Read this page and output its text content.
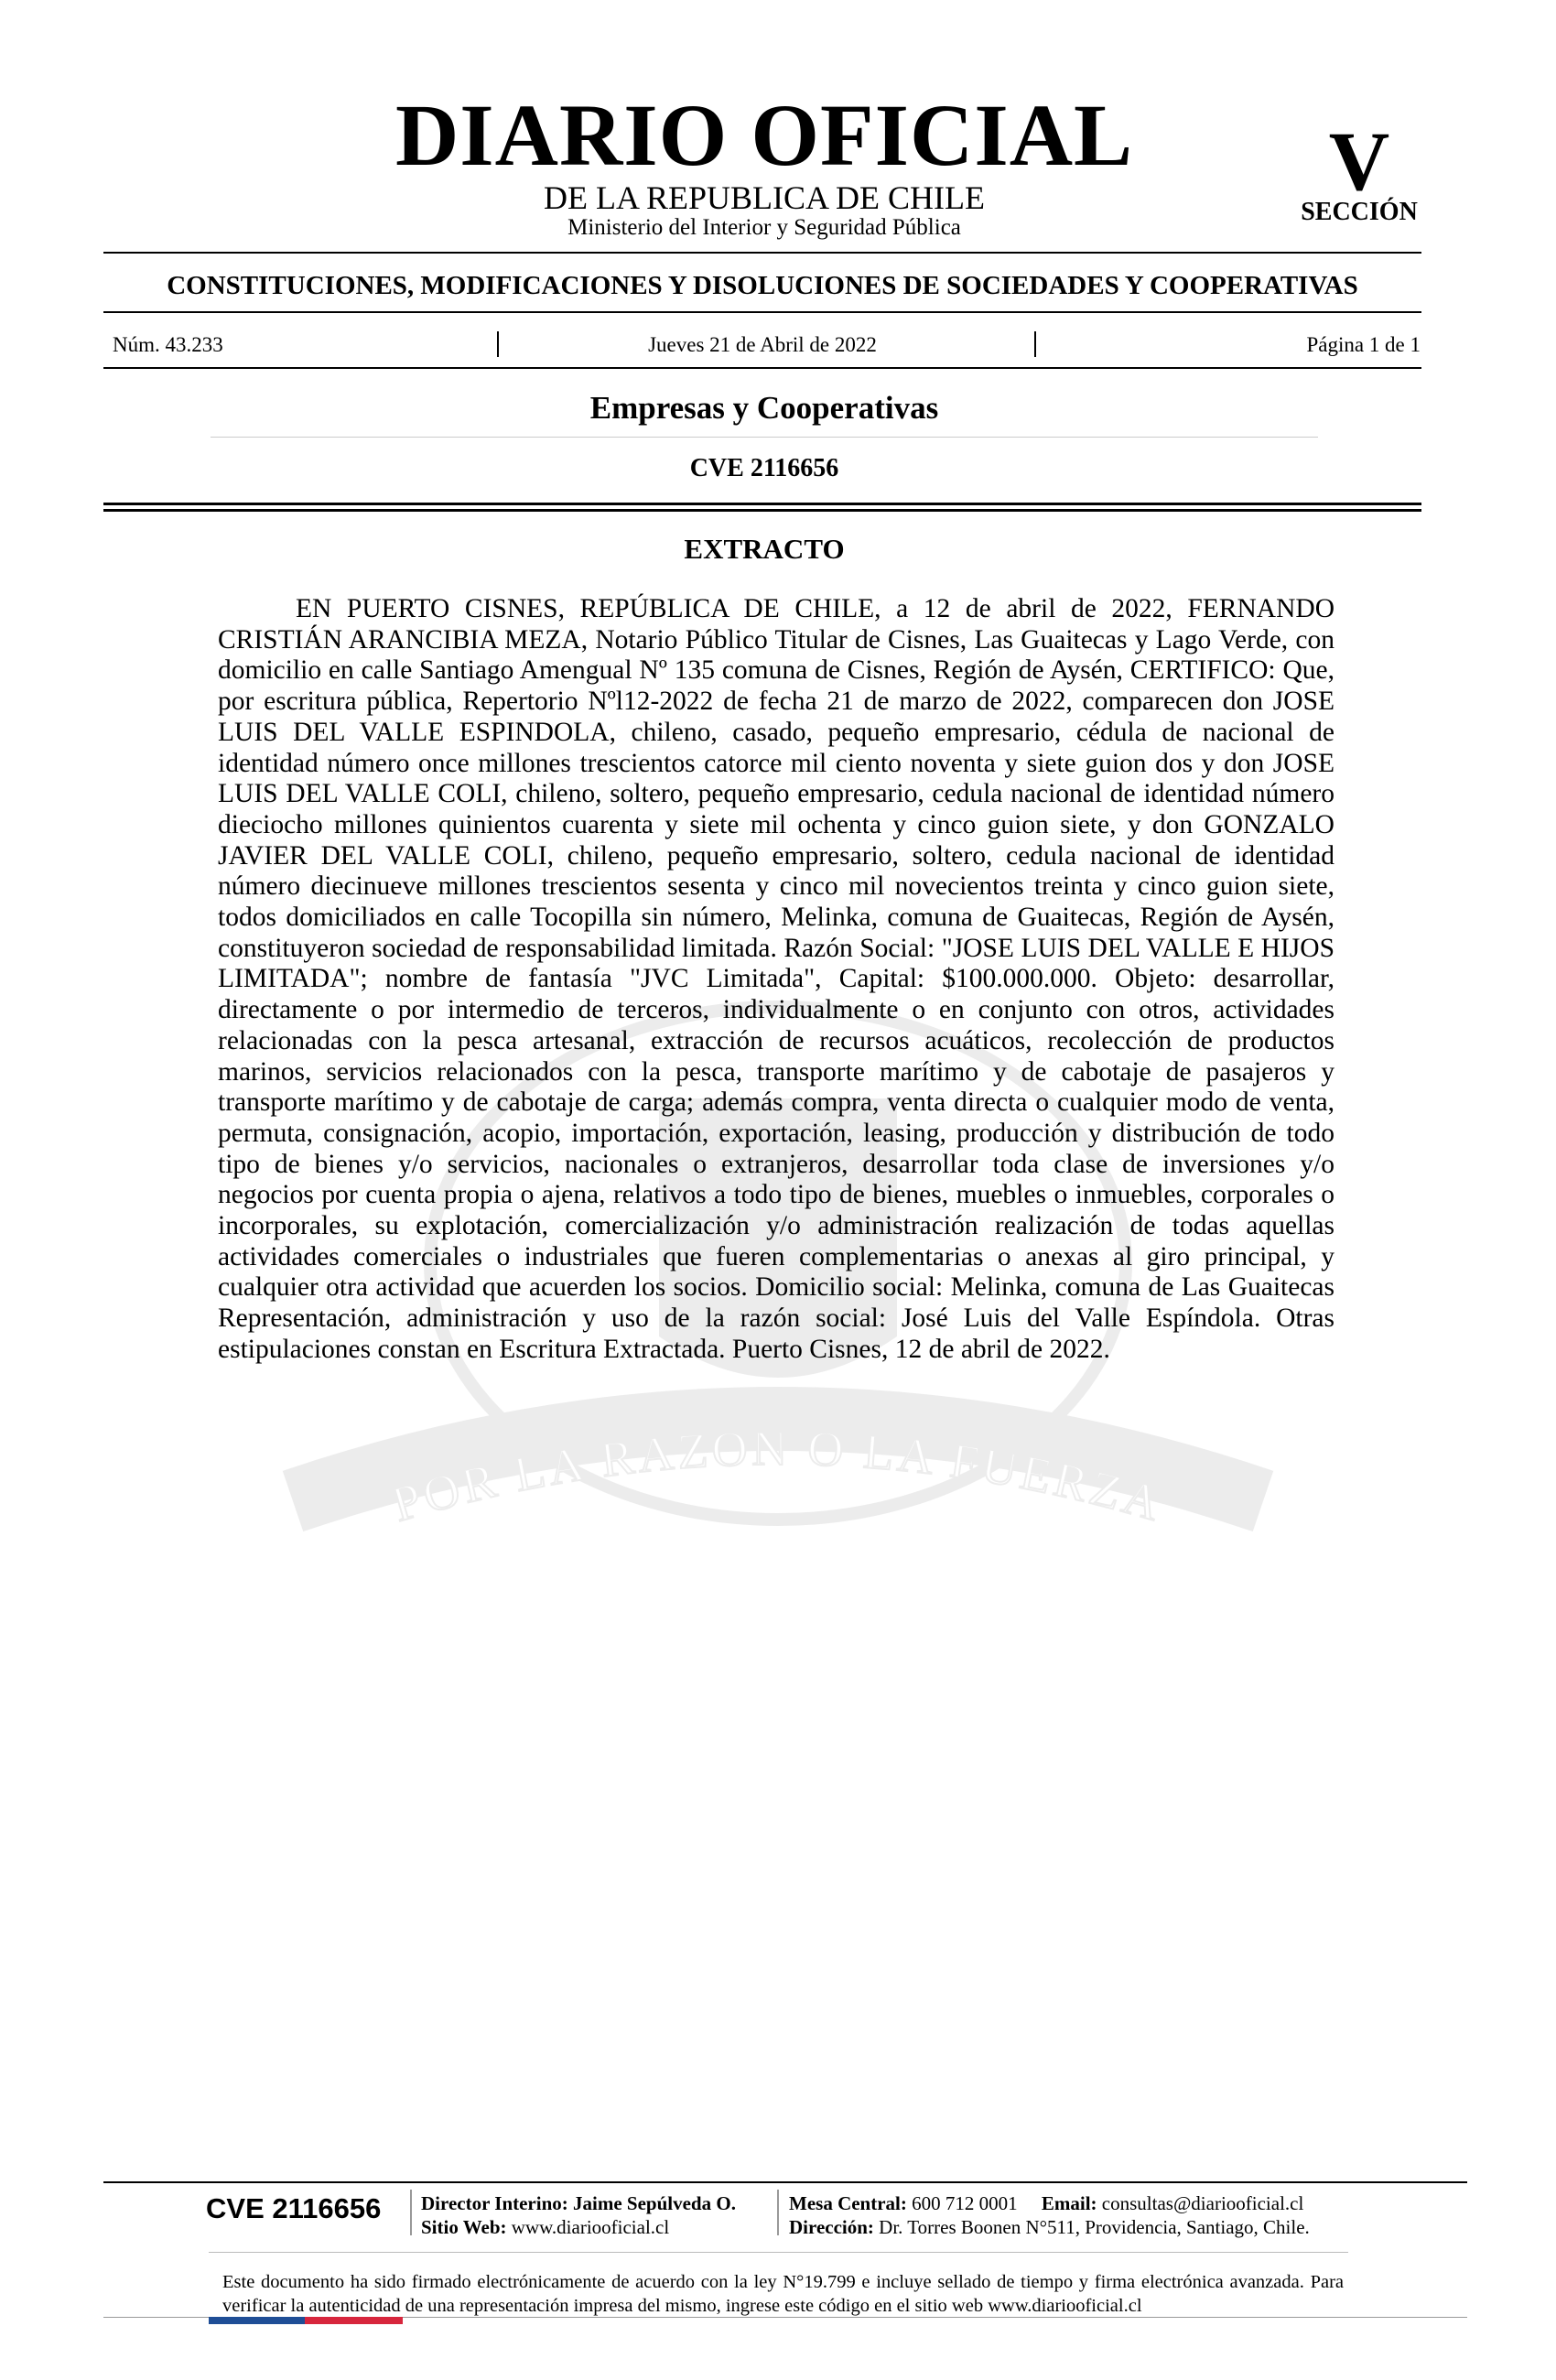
DIARIO OFICIAL
DE LA REPUBLICA DE CHILE
Ministerio del Interior y Seguridad Pública
V
SECCIÓN
CONSTITUCIONES, MODIFICACIONES Y DISOLUCIONES DE SOCIEDADES Y COOPERATIVAS
Núm. 43.233	Jueves 21 de Abril de 2022	Página 1 de 1
Empresas y Cooperativas
CVE 2116656
POR LA RAZON O LA FUERZA
EXTRACTO
EN PUERTO CISNES, REPÚBLICA DE CHILE, a 12 de abril de 2022, FERNANDO CRISTIÁN ARANCIBIA MEZA, Notario Público Titular de Cisnes, Las Guaitecas y Lago Verde, con domicilio en calle Santiago Amengual Nº 135 comuna de Cisnes, Región de Aysén, CERTIFICO: Que, por escritura pública, Repertorio Nºl12-2022 de fecha 21 de marzo de 2022, comparecen don JOSE LUIS DEL VALLE ESPINDOLA, chileno, casado, pequeño empresario, cédula de nacional de identidad número once millones trescientos catorce mil ciento noventa y siete guion dos y don JOSE LUIS DEL VALLE COLI, chileno, soltero, pequeño empresario, cedula nacional de identidad número dieciocho millones quinientos cuarenta y siete mil ochenta y cinco guion siete, y don GONZALO JAVIER DEL VALLE COLI, chileno, pequeño empresario, soltero, cedula nacional de identidad número diecinueve millones trescientos sesenta y cinco mil novecientos treinta y cinco guion siete, todos domiciliados en calle Tocopilla sin número, Melinka, comuna de Guaitecas, Región de Aysén, constituyeron sociedad de responsabilidad limitada. Razón Social: "JOSE LUIS DEL VALLE E HIJOS LIMITADA"; nombre de fantasía "JVC Limitada", Capital: $100.000.000. Objeto: desarrollar, directamente o por intermedio de terceros, individualmente o en conjunto con otros, actividades relacionadas con la pesca artesanal, extracción de recursos acuáticos, recolección de productos marinos, servicios relacionados con la pesca, transporte marítimo y de cabotaje de pasajeros y transporte marítimo y de cabotaje de carga; además compra, venta directa o cualquier modo de venta, permuta, consignación, acopio, importación, exportación, leasing, producción y distribución de todo tipo de bienes y/o servicios, nacionales o extranjeros, desarrollar toda clase de inversiones y/o negocios por cuenta propia o ajena, relativos a todo tipo de bienes, muebles o inmuebles, corporales o incorporales, su explotación, comercialización y/o administración realización de todas aquellas actividades comerciales o industriales que fueren complementarias o anexas al giro principal, y cualquier otra actividad que acuerden los socios. Domicilio social: Melinka, comuna de Las Guaitecas Representación, administración y uso de la razón social: José Luis del Valle Espíndola. Otras estipulaciones constan en Escritura Extractada. Puerto Cisnes, 12 de abril de 2022.
CVE 2116656 Director Interino: Jaime Sepúlveda O.
Sitio Web: www.diariooficial.cl
Mesa Central: 600 712 0001 Email: consultas@diariooficial.cl
Dirección: Dr. Torres Boonen N°511, Providencia, Santiago, Chile.
Este documento ha sido firmado electrónicamente de acuerdo con la ley N°19.799 e incluye sellado de tiempo y firma electrónica avanzada. Para verificar la autenticidad de una representación impresa del mismo, ingrese este código en el sitio web www.diariooficial.cl
